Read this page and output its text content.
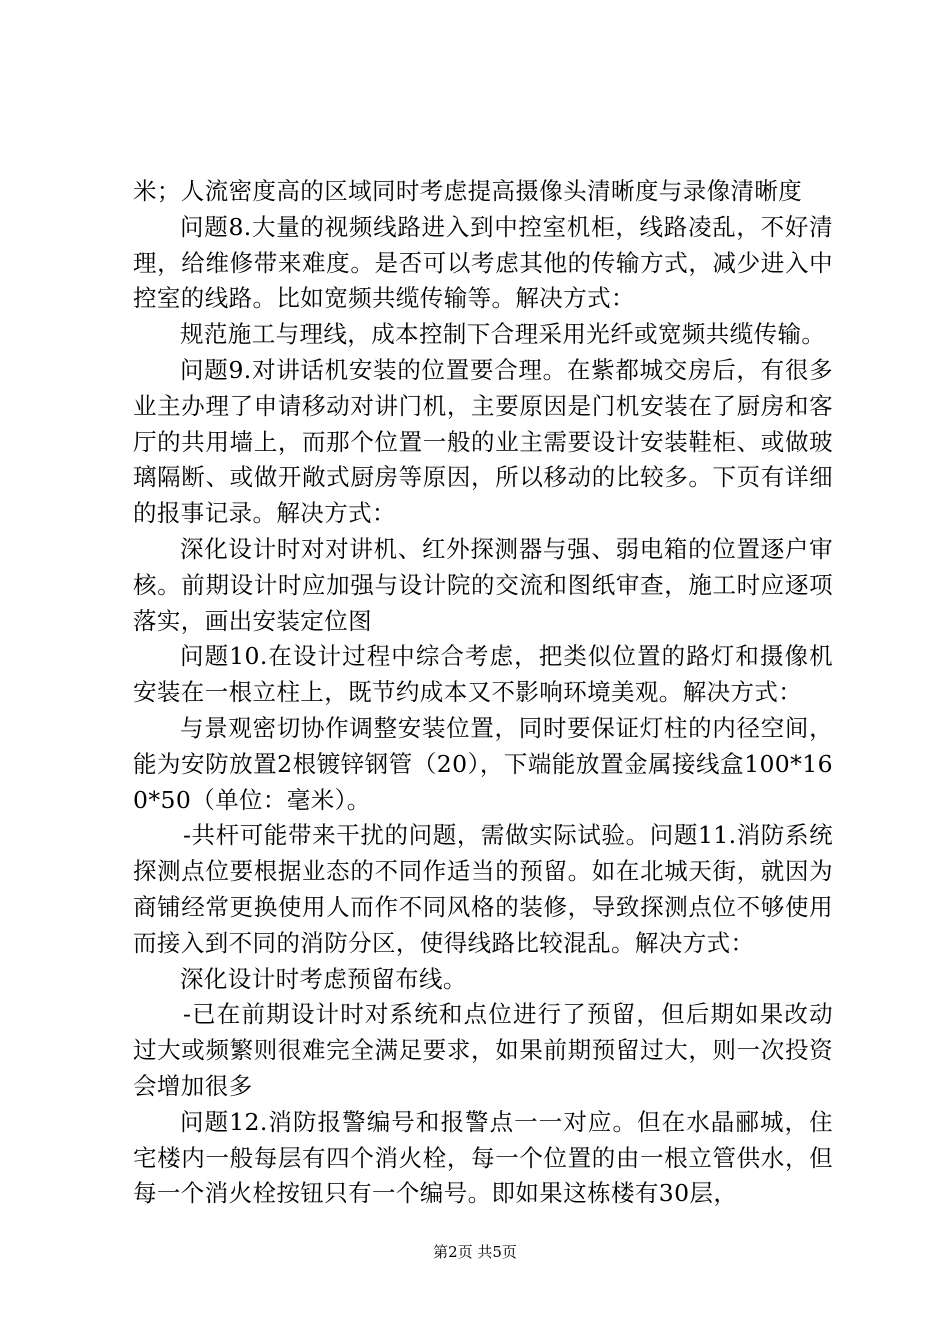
米；人流密度高的区域同时考虑提高摄像头清晰度与录像清晰度

问题8.大量的视频线路进入到中控室机柜，线路凌乱，不好清理，给维修带来难度。是否可以考虑其他的传输方式，减少进入中控室的线路。比如宽频共缆传输等。解决方式：

规范施工与理线，成本控制下合理采用光纤或宽频共缆传输。

问题9.对讲话机安装的位置要合理。在紫都城交房后，有很多业主办理了申请移动对讲门机，主要原因是门机安装在了厨房和客厅的共用墙上，而那个位置一般的业主需要设计安装鞋柜、或做玻璃隔断、或做开敞式厨房等原因，所以移动的比较多。下页有详细的报事记录。解决方式：

深化设计时对对讲机、红外探测器与强、弱电箱的位置逐户审核。前期设计时应加强与设计院的交流和图纸审查，施工时应逐项落实，画出安装定位图

问题10.在设计过程中综合考虑，把类似位置的路灯和摄像机安装在一根立柱上，既节约成本又不影响环境美观。解决方式：

与景观密切协作调整安装位置，同时要保证灯柱的内径空间，能为安防放置2根镀锌钢管（20），下端能放置金属接线盒100*160*50（单位：毫米）。

-共杆可能带来干扰的问题，需做实际试验。问题11.消防系统探测点位要根据业态的不同作适当的预留。如在北城天街，就因为商铺经常更换使用人而作不同风格的装修，导致探测点位不够使用而接入到不同的消防分区，使得线路比较混乱。解决方式：

深化设计时考虑预留布线。

-已在前期设计时对系统和点位进行了预留，但后期如果改动过大或频繁则很难完全满足要求，如果前期预留过大，则一次投资会增加很多

问题12.消防报警编号和报警点一一对应。但在水晶郦城，住宅楼内一般每层有四个消火栓，每一个位置的由一根立管供水，但每一个消火栓按钮只有一个编号。即如果这栋楼有30层，

第2页 共5页
